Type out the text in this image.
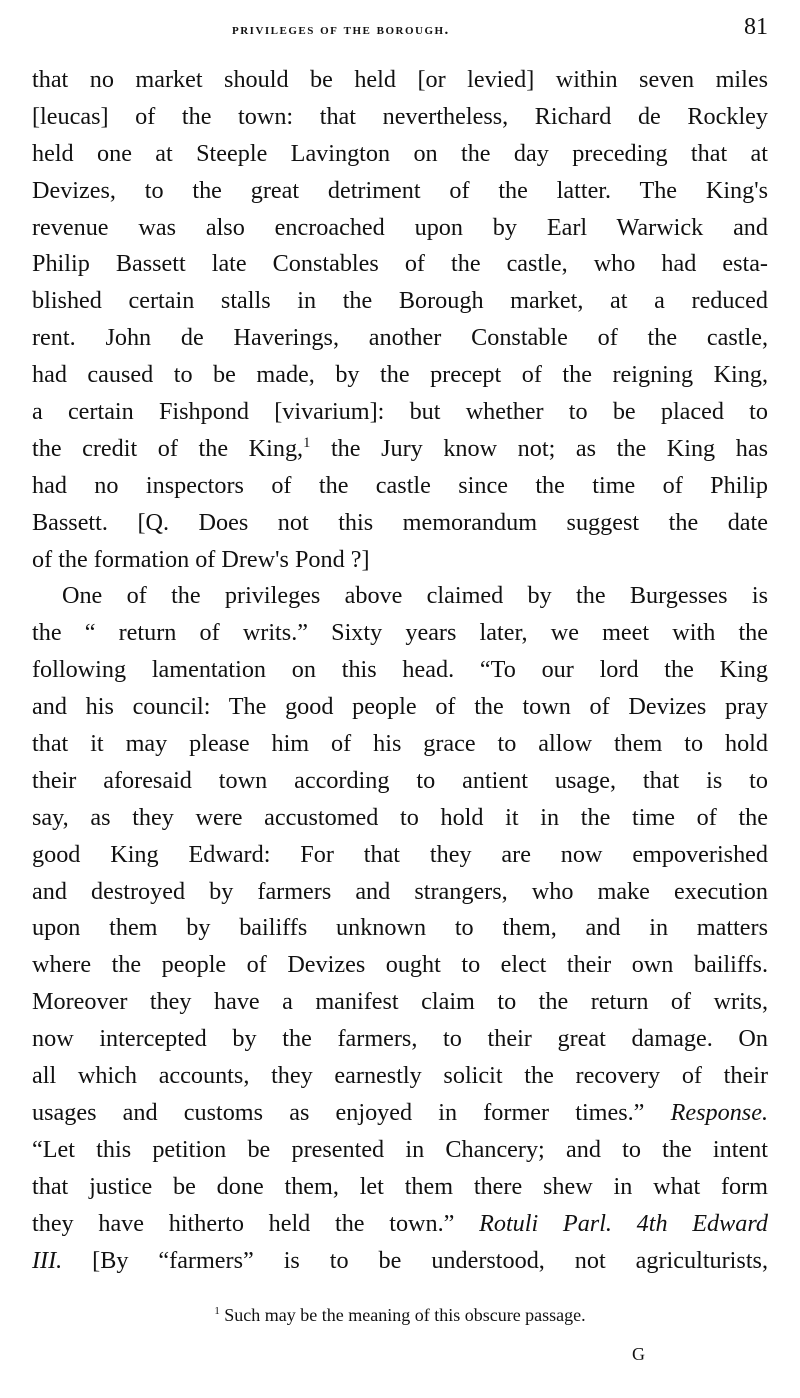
privileges of the borough.	81
that no market should be held [or levied] within seven miles
[leucas] of the town: that nevertheless, Richard de Rockley
held one at Steeple Lavington on the day preceding that at
Devizes, to the great detriment of the latter. The King's
revenue was also encroached upon by Earl Warwick and
Philip Bassett late Constables of the castle, who had esta-
blished certain stalls in the Borough market, at a reduced
rent. John de Haverings, another Constable of the castle,
had caused to be made, by the precept of the reigning King,
a certain Fishpond [vivarium]: but whether to be placed to
the credit of the King,$^1$ the Jury know not; as the King has
had no inspectors of the castle since the time of Philip
Bassett. [Q. Does not this memorandum suggest the date
of the formation of Drew's Pond ?]
One of the privileges above claimed by the Burgesses is
the “ return of writs.” Sixty years later, we meet with the
following lamentation on this head. “To our lord the King
and his council: The good people of the town of Devizes pray
that it may please him of his grace to allow them to hold
their aforesaid town according to antient usage, that is to
say, as they were accustomed to hold it in the time of the
good King Edward: For that they are now empoverished
and destroyed by farmers and strangers, who make execution
upon them by bailiffs unknown to them, and in matters
where the people of Devizes ought to elect their own bailiffs.
Moreover they have a manifest claim to the return of writs,
now intercepted by the farmers, to their great damage. On
all which accounts, they earnestly solicit the recovery of their
usages and customs as enjoyed in former times.” Response.
“Let this petition be presented in Chancery; and to the intent
that justice be done them, let them there shew in what form
they have hitherto held the town.” Rotuli Parl. 4th Edward
III. [By “farmers” is to be understood, not agriculturists,
$^1$ Such may be the meaning of this obscure passage.
G
